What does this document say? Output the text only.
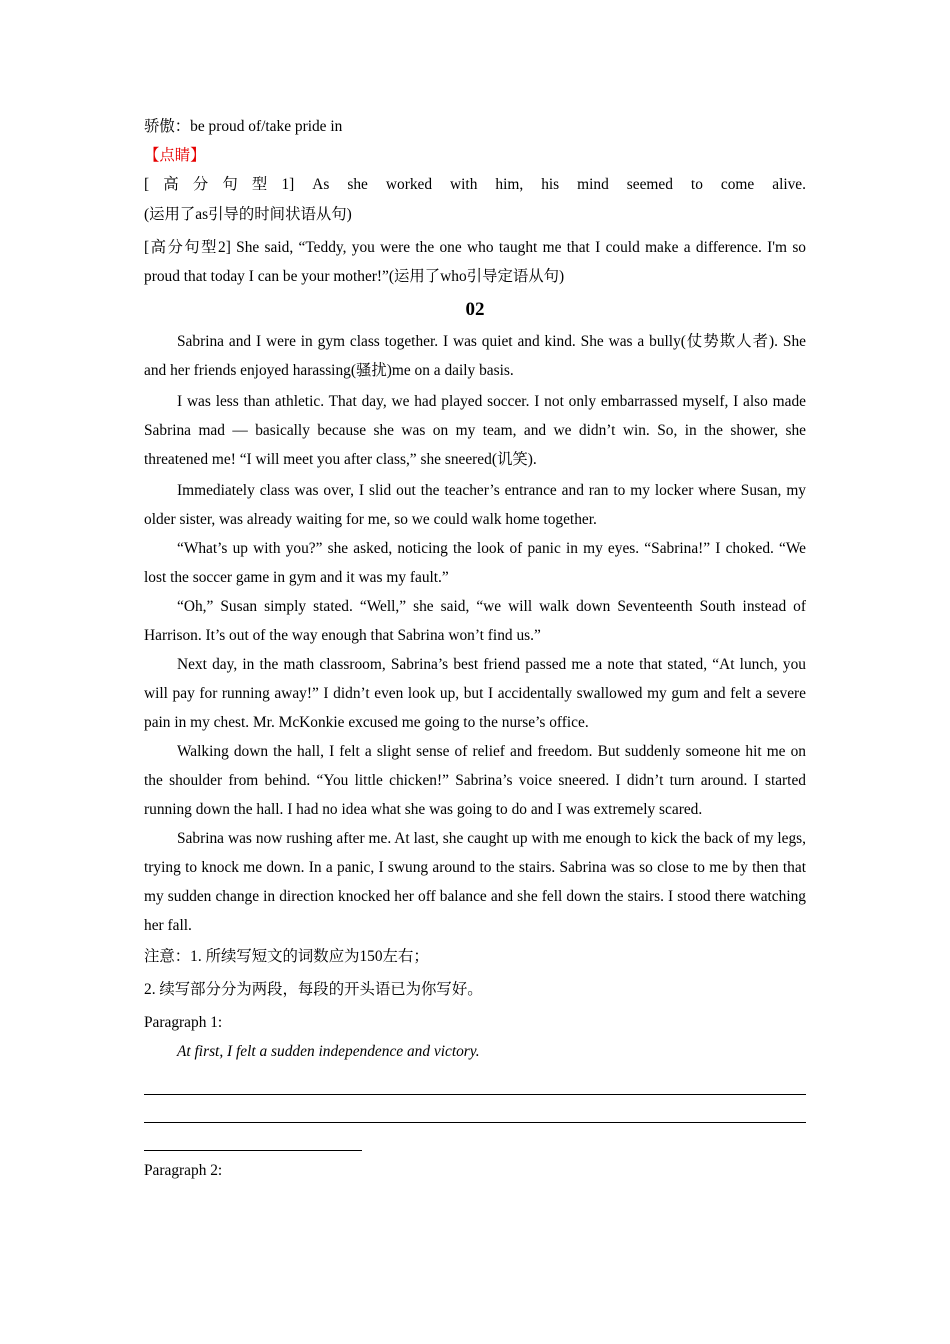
骄傲：be proud of/take pride in
【点睛】
[高分句型1] As she worked with him, his mind seemed to come alive.
(运用了as引导的时间状语从句)

[高分句型2] She said, “Teddy, you were the one who taught me that I could make a difference. I'm so proud that today I can be your mother!”(运用了who引导定语从句)

02

Sabrina and I were in gym class together. I was quiet and kind. She was a bully(仗势欺人者). She and her friends enjoyed harassing(骚扰)me on a daily basis.

I was less than athletic. That day, we had played soccer. I not only embarrassed myself, I also made Sabrina mad — basically because she was on my team, and we didn’t win. So, in the shower, she threatened me! “I will meet you after class,” she sneered(讥笑).

Immediately class was over, I slid out the teacher’s entrance and ran to my locker where Susan, my older sister, was already waiting for me, so we could walk home together.

“What’s up with you?” she asked, noticing the look of panic in my eyes. “Sabrina!” I choked. “We lost the soccer game in gym and it was my fault.”

“Oh,” Susan simply stated. “Well,” she said, “we will walk down Seventeenth South instead of Harrison. It’s out of the way enough that Sabrina won’t find us.”

Next day, in the math classroom, Sabrina’s best friend passed me a note that stated, “At lunch, you will pay for running away!” I didn’t even look up, but I accidentally swallowed my gum and felt a severe pain in my chest. Mr. McKonkie excused me going to the nurse’s office.

Walking down the hall, I felt a slight sense of relief and freedom. But suddenly someone hit me on the shoulder from behind. “You little chicken!” Sabrina’s voice sneered. I didn’t turn around. I started running down the hall. I had no idea what she was going to do and I was extremely scared.

Sabrina was now rushing after me. At last, she caught up with me enough to kick the back of my legs, trying to knock me down. In a panic, I swung around to the stairs. Sabrina was so close to me by then that my sudden change in direction knocked her off balance and she fell down the stairs. I stood there watching her fall.

注意：1. 所续写短文的词数应为150左右；
2. 续写部分分为两段，每段的开头语已为你写好。
Paragraph 1:
At first, I felt a sudden independence and victory.
Paragraph 2:
